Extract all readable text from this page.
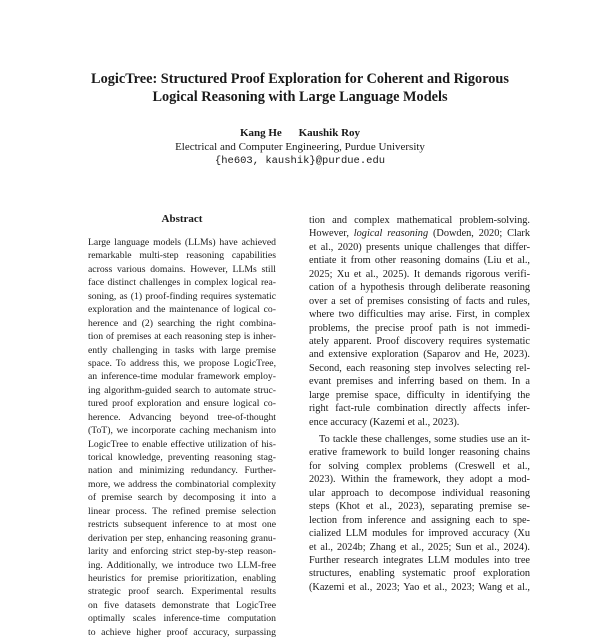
LogicTree: Structured Proof Exploration for Coherent and Rigorous
Logical Reasoning with Large Language Models
Kang He Kaushik Roy
Electrical and Computer Engineering, Purdue University
{he603, kaushik}@purdue.edu
Abstract
Large language models (LLMs) have achieved
remarkable multi-step reasoning capabilities
across various domains. However, LLMs still
face distinct challenges in complex logical rea-
soning, as (1) proof-finding requires systematic
exploration and the maintenance of logical co-
herence and (2) searching the right combina-
tion of premises at each reasoning step is inher-
ently challenging in tasks with large premise
space. To address this, we propose LogicTree,
an inference-time modular framework employ-
ing algorithm-guided search to automate struc-
tured proof exploration and ensure logical co-
herence. Advancing beyond tree-of-thought
(ToT), we incorporate caching mechanism into
LogicTree to enable effective utilization of his-
torical knowledge, preventing reasoning stag-
nation and minimizing redundancy. Further-
more, we address the combinatorial complexity
of premise search by decomposing it into a
linear process. The refined premise selection
restricts subsequent inference to at most one
derivation per step, enhancing reasoning granu-
larity and enforcing strict step-by-step reason-
ing. Additionally, we introduce two LLM-free
heuristics for premise prioritization, enabling
strategic proof search. Experimental results
on five datasets demonstrate that LogicTree
optimally scales inference-time computation
to achieve higher proof accuracy, surpassing
tion and complex mathematical problem-solving.
However, logical reasoning (Dowden, 2020; Clark
et al., 2020) presents unique challenges that differ-
entiate it from other reasoning domains (Liu et al.,
2025; Xu et al., 2025). It demands rigorous verifi-
cation of a hypothesis through deliberate reasoning
over a set of premises consisting of facts and rules,
where two difficulties may arise. First, in complex
problems, the precise proof path is not immedi-
ately apparent. Proof discovery requires systematic
and extensive exploration (Saparov and He, 2023).
Second, each reasoning step involves selecting rel-
evant premises and inferring based on them. In a
large premise space, difficulty in identifying the
right fact-rule combination directly affects infer-
ence accuracy (Kazemi et al., 2023).
To tackle these challenges, some studies use an it-
erative framework to build longer reasoning chains
for solving complex problems (Creswell et al.,
2023). Within the framework, they adopt a mod-
ular approach to decompose individual reasoning
steps (Khot et al., 2023), separating premise se-
lection from inference and assigning each to spe-
cialized LLM modules for improved accuracy (Xu
et al., 2024b; Zhang et al., 2025; Sun et al., 2024).
Further research integrates LLM modules into tree
structures, enabling systematic proof exploration
(Kazemi et al., 2023; Yao et al., 2023; Wang et al.,
